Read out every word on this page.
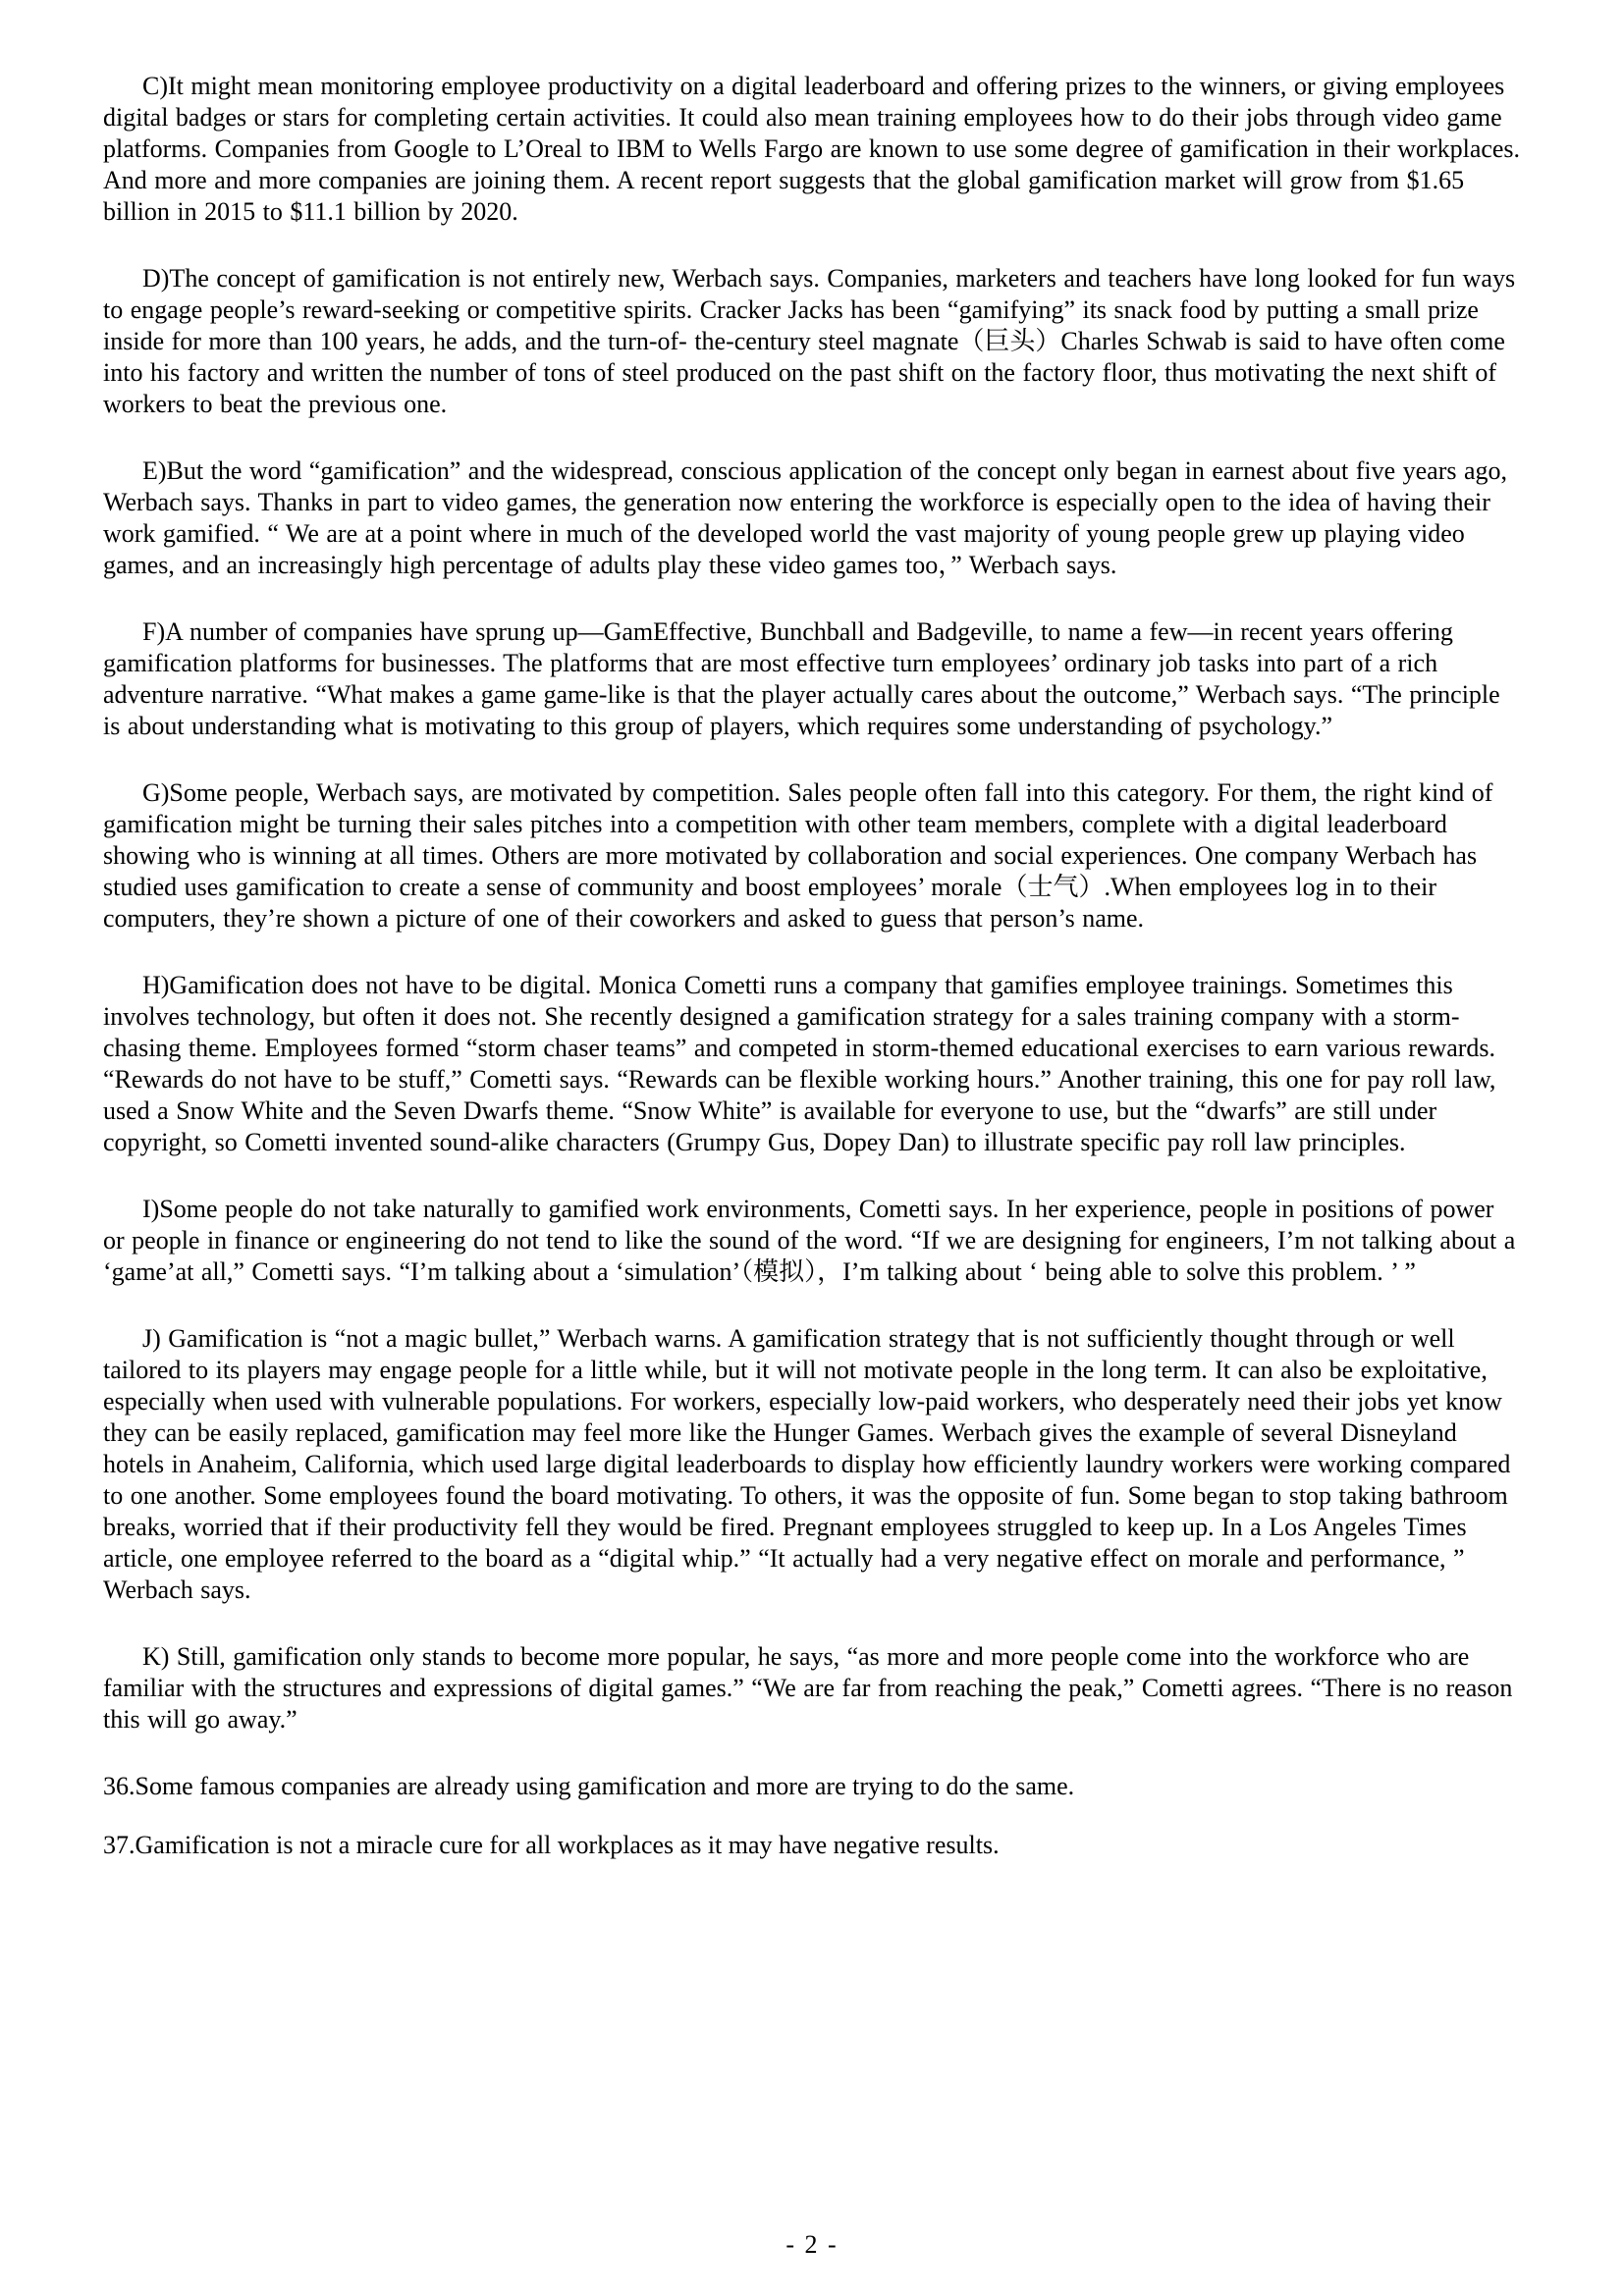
C)It might mean monitoring employee productivity on a digital leaderboard and offering prizes to the winners, or giving employees digital badges or stars for completing certain activities. It could also mean training employees how to do their jobs through video game platforms. Companies from Google to L’Oreal to IBM to Wells Fargo are known to use some degree of gamification in their workplaces. And more and more companies are joining them. A recent report suggests that the global gamification market will grow from $1.65 billion in 2015 to $11.1 billion by 2020.

D)The concept of gamification is not entirely new, Werbach says. Companies, marketers and teachers have long looked for fun ways to engage people’s reward-seeking or competitive spirits. Cracker Jacks has been “gamifying” its snack food by putting a small prize inside for more than 100 years, he adds, and the turn-of- the-century steel magnate（巨头）Charles Schwab is said to have often come into his factory and written the number of tons of steel produced on the past shift on the factory floor, thus motivating the next shift of workers to beat the previous one.

E)But the word “gamification” and the widespread, conscious application of the concept only began in earnest about five years ago, Werbach says. Thanks in part to video games, the generation now entering the workforce is especially open to the idea of having their work gamified. “ We are at a point where in much of the developed world the vast majority of young people grew up playing video games, and an increasingly high percentage of adults play these video games too，” Werbach says.

F)A number of companies have sprung up—GamEffective, Bunchball and Badgeville, to name a few—in recent years offering gamification platforms for businesses. The platforms that are most effective turn employees’ ordinary job tasks into part of a rich adventure narrative. “What makes a game game-like is that the player actually cares about the outcome,” Werbach says. “The principle is about understanding what is motivating to this group of players, which requires some understanding of psychology.”

G)Some people, Werbach says, are motivated by competition. Sales people often fall into this category. For them, the right kind of gamification might be turning their sales pitches into a competition with other team members, complete with a digital leaderboard showing who is winning at all times. Others are more motivated by collaboration and social experiences. One company Werbach has studied uses gamification to create a sense of community and boost employees’ morale（士气）.When employees log in to their computers, they’re shown a picture of one of their coworkers and asked to guess that person’s name.

H)Gamification does not have to be digital. Monica Cometti runs a company that gamifies employee trainings. Sometimes this involves technology, but often it does not. She recently designed a gamification strategy for a sales training company with a storm-chasing theme. Employees formed “storm chaser teams” and competed in storm-themed educational exercises to earn various rewards. “Rewards do not have to be stuff,” Cometti says. “Rewards can be flexible working hours.” Another training, this one for pay roll law, used a Snow White and the Seven Dwarfs theme. “Snow White” is available for everyone to use, but the “dwarfs” are still under copyright, so Cometti invented sound-alike characters (Grumpy Gus, Dopey Dan) to illustrate specific pay roll law principles.

I)Some people do not take naturally to gamified work environments, Cometti says. In her experience, people in positions of power or people in finance or engineering do not tend to like the sound of the word. “If we are designing for engineers, I’m not talking about a ‘game’at all,” Cometti says. “I’m talking about a ‘simulation’（模拟），I’m talking about ‘ being able to solve this problem. ’ ”

J) Gamification is “not a magic bullet,” Werbach warns. A gamification strategy that is not sufficiently thought through or well tailored to its players may engage people for a little while, but it will not motivate people in the long term. It can also be exploitative, especially when used with vulnerable populations. For workers, especially low-paid workers, who desperately need their jobs yet know they can be easily replaced, gamification may feel more like the Hunger Games. Werbach gives the example of several Disneyland hotels in Anaheim, California, which used large digital leaderboards to display how efficiently laundry workers were working compared to one another. Some employees found the board motivating. To others, it was the opposite of fun. Some began to stop taking bathroom breaks, worried that if their productivity fell they would be fired. Pregnant employees struggled to keep up. In a Los Angeles Times article, one employee referred to the board as a “digital whip.” “It actually had a very negative effect on morale and performance, ” Werbach says.

K) Still, gamification only stands to become more popular, he says, “as more and more people come into the workforce who are familiar with the structures and expressions of digital games.” “We are far from reaching the peak,” Cometti agrees. “There is no reason this will go away.”

36.Some famous companies are already using gamification and more are trying to do the same.

37.Gamification is not a miracle cure for all workplaces as it may have negative results.

- 2 -
